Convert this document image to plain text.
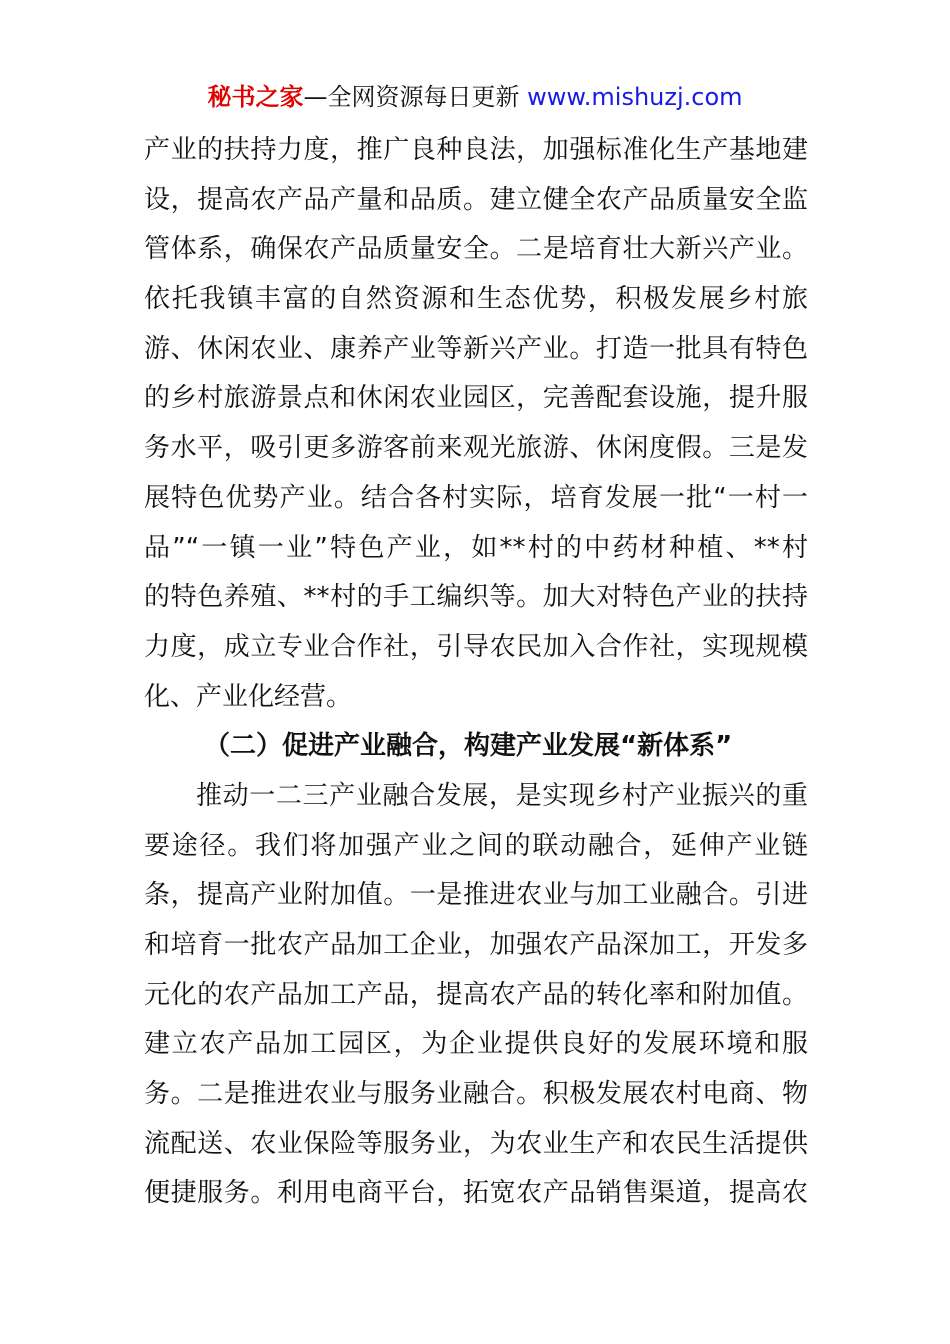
秘书之家—全网资源每日更新 www.mishuzj.com
产业的扶持力度，推广良种良法，加强标准化生产基地建
设，提高农产品产量和品质。建立健全农产品质量安全监
管体系，确保农产品质量安全。二是培育壮大新兴产业。
依托我镇丰富的自然资源和生态优势，积极发展乡村旅
游、休闲农业、康养产业等新兴产业。打造一批具有特色
的乡村旅游景点和休闲农业园区，完善配套设施，提升服
务水平，吸引更多游客前来观光旅游、休闲度假。三是发
展特色优势产业。结合各村实际，培育发展一批“一村一
品”“一镇一业”特色产业，如**村的中药材种植、**村
的特色养殖、**村的手工编织等。加大对特色产业的扶持
力度，成立专业合作社，引导农民加入合作社，实现规模
化、产业化经营。
（二）促进产业融合，构建产业发展“新体系”
推动一二三产业融合发展，是实现乡村产业振兴的重
要途径。我们将加强产业之间的联动融合，延伸产业链
条，提高产业附加值。一是推进农业与加工业融合。引进
和培育一批农产品加工企业，加强农产品深加工，开发多
元化的农产品加工产品，提高农产品的转化率和附加值。
建立农产品加工园区，为企业提供良好的发展环境和服
务。二是推进农业与服务业融合。积极发展农村电商、物
流配送、农业保险等服务业，为农业生产和农民生活提供
便捷服务。利用电商平台，拓宽农产品销售渠道，提高农
